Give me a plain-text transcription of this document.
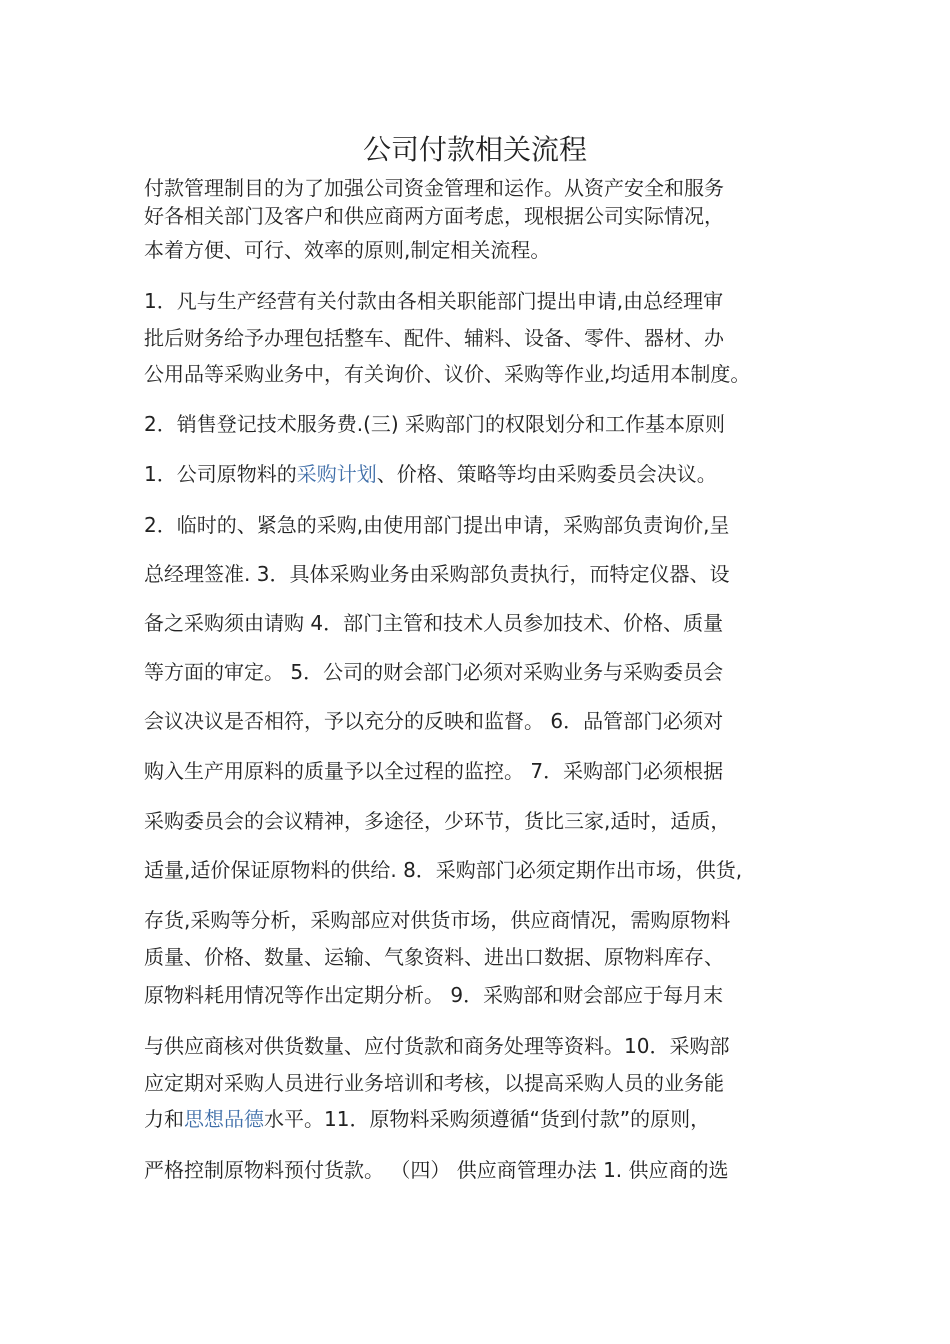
公司付款相关流程
付款管理制目的为了加强公司资金管理和运作。从资产安全和服务
好各相关部门及客户和供应商两方面考虑，现根据公司实际情况，
本着方便、可行、效率的原则,制定相关流程。
1．凡与生产经营有关付款由各相关职能部门提出申请,由总经理审
批后财务给予办理包括整车、配件、辅料、设备、零件、器材、办
公用品等采购业务中，有关询价、议价、采购等作业,均适用本制度。
2．销售登记技术服务费.(三) 采购部门的权限划分和工作基本原则
1．公司原物料的采购计划、价格、策略等均由采购委员会决议。
2．临时的、紧急的采购,由使用部门提出申请，采购部负责询价,呈
总经理签准. 3．具体采购业务由采购部负责执行，而特定仪器、设
备之采购须由请购 4．部门主管和技术人员参加技术、价格、质量
等方面的审定。 5．公司的财会部门必须对采购业务与采购委员会
会议决议是否相符，予以充分的反映和监督。 6．品管部门必须对
购入生产用原料的质量予以全过程的监控。 7．采购部门必须根据
采购委员会的会议精神，多途径，少环节，货比三家,适时，适质，
适量,适价保证原物料的供给. 8．采购部门必须定期作出市场，供货,
存货,采购等分析，采购部应对供货市场，供应商情况，需购原物料
质量、价格、数量、运输、气象资料、进出口数据、原物料库存、
原物料耗用情况等作出定期分析。 9．采购部和财会部应于每月末
与供应商核对供货数量、应付货款和商务处理等资料。10．采购部
应定期对采购人员进行业务培训和考核，以提高采购人员的业务能
力和思想品德水平。11．原物料采购须遵循“货到付款”的原则，
严格控制原物料预付货款。 （四） 供应商管理办法 1. 供应商的选
